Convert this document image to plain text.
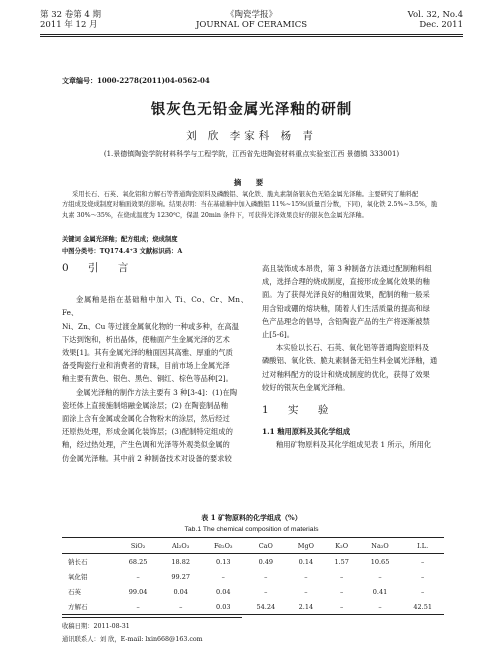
第 32 卷第 4 期
2011 年 12 月
《陶瓷学报》
JOURNAL OF CERAMICS
Vol. 32, No.4
Dec. 2011
文章编号：1000-2278(2011)04-0562-04
银灰色无铅金属光泽釉的研制
刘 欣 李家科 杨 青
(1.景德镇陶瓷学院材料科学与工程学院，江西省先进陶瓷材料重点实验室江西 景德镇 333001)
摘 要
采用长石、石英、氧化铝和方解石等普通陶瓷原料及磷酸铝、氧化铁、脆丸素制备银灰色无铅金属光泽釉。主要研究了釉料配
方组成及烧成制度对釉面效果的影响。结果表明：当在基础釉中加入磷酸铝 11%~15%(质量百分数，下同)，氧化铁 2.5%~3.5%，脆
丸素 30%～35%，在烧成温度为 1230℃，保温 20min 条件下，可获得光泽效果良好的银灰色金属光泽釉。
关键词 金属光泽釉；配方组成；烧成制度
中图分类号：TQ174.4⁺3 文献标识码：A
0 引 言
金属釉是指在基础釉中加入 Ti、Co、Cr、Mn、Fe、
Ni、Zn、Cu 等过渡金属氧化物的一种或多种，在高温
下达到饱和，析出晶体，使釉面产生金属光泽的艺术
效果[1]。其有金属光泽的釉面因其高雅、厚重的气质
备受陶瓷行业和消费者的青睐，目前市场上金属光泽
釉主要有黄色、银色、黑色、铜红、棕色等品种[2]。
金属光泽釉的制作方法主要有 3 种[3-4]：(1)在陶
瓷坯体上直接施制熔融金属涂层；(2) 在陶瓷制品釉
面涂上含有金属或金属化合物粉末的涂层，然后经过
还原热处理，形成金属化装饰层；(3)配制特定组成的
釉，经过热处理，产生色调和光泽等外观类似金属的
仿金属光泽釉。其中前 2 种制备技术对设备的要求较
高且装饰成本昂贵，第 3 种制备方法通过配制釉料组
成，选择合理的烧成制度，直接形成金属化效果的釉
面。为了获得光泽良好的釉面效果，配制的釉一般采
用含铅或硼的熔块釉，随着人们生活质量的提高和绿
色产品理念的倡导，含铅陶瓷产品的生产将逐渐被禁
止[5-6]。
本实验以长石、石英、氧化铝等普通陶瓷原料及
磷酸铝、氧化铁、脆丸素制备无铅生料金属光泽釉，通
过对釉料配方的设计和烧成制度的优化，获得了效果
较好的银灰色金属光泽釉。
1 实 验
1.1 釉用原料及其化学组成
釉用矿物原料及其化学组成见表 1 所示，所用化
表 1 矿物原料的化学组成（%）
Tab.1 The chemical composition of materials
	SiO₂	Al₂O₃	Fe₂O₃	CaO	MgO	K₂O	Na₂O	I.L.
钠长石	68.25	18.82	0.13	0.49	0.14	1.57	10.65	–
氧化铝	–	99.27	–	–	–	–	–	–
石英	99.04	0.04	0.04	–	–	–	0.41	–
方解石	–	–	0.03	54.24	2.14	–	–	42.51
收稿日期：2011-08-31
通讯联系人：刘 欣，E-mail: lxin668@163.com
